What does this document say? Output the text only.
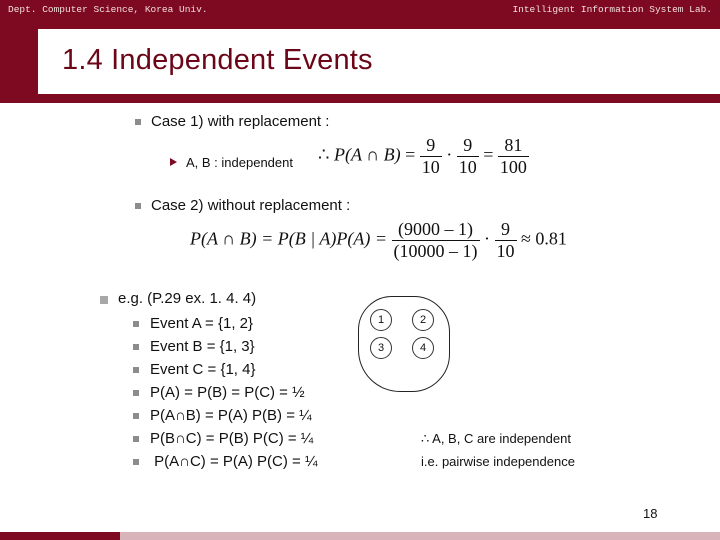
Dept. Computer Science, Korea Univ.	Intelligent Information System Lab.
1.4 Independent Events
Case 1) with replacement :
A, B : independent ∴ P(A ∩ $B) = \frac{9}{10} \cdot \frac{9}{10} = \frac{81}{100}$
Case 2) without replacement :
P(A ∩ B) = P(B | $A)P(A) = \frac{(9000 - 1)}{(10000 - 1)} \cdot \frac{9}{10} \approx 0.81$
e.g. (P.29 ex. 1. 4. 4)
Event A = {1, 2}
Event B = {1, 3}
Event C = {1, 4}
P(A) = P(B) = P(C) = ½
P(A∩B) = P(A) P(B) = ¼
P(B∩C) = P(B) P(C) = ¼
P(A∩C) = P(A) P(C) = ¼
1	2
3	4
∴ A, B, C are independent
i.e. pairwise independence
18
